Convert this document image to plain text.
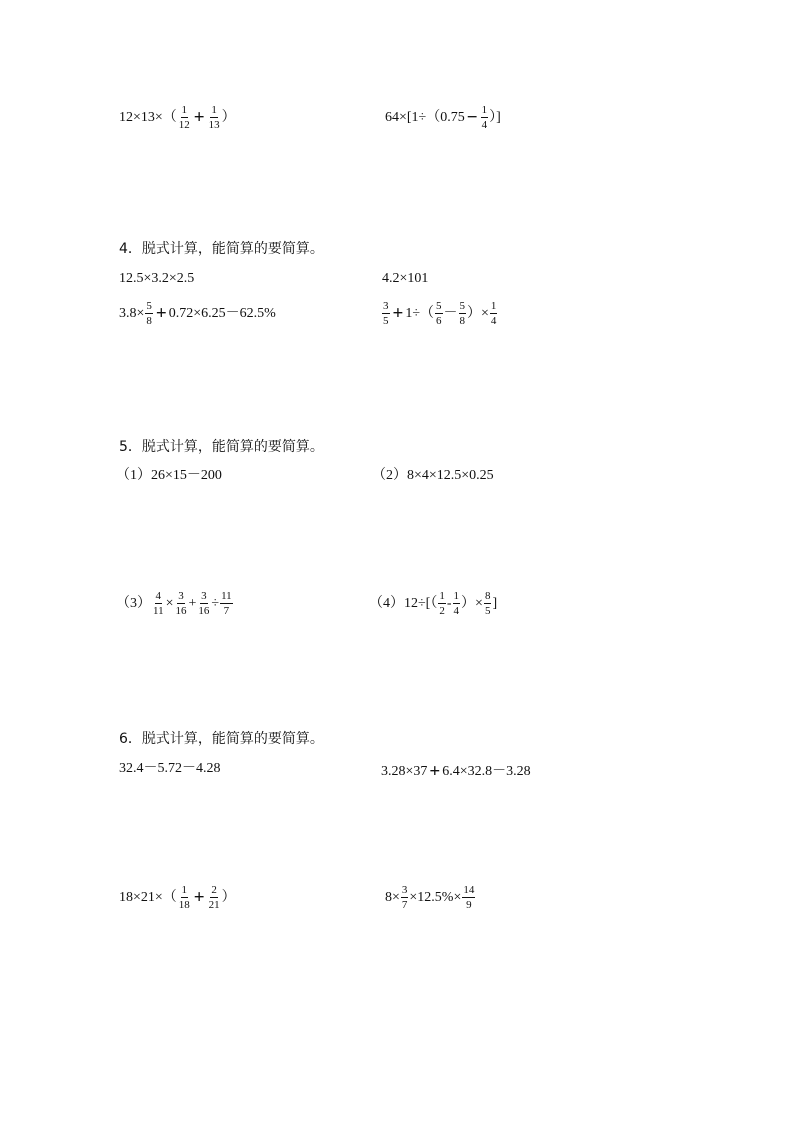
$12\times 13\times( \frac{1}{12} + \frac{1}{13}$ ）	$64\times[1\div(0.75 - \frac{1}{4}$ ）]
4．脱式计算，能简算的要简算。
12.5×3.2×2.5	4.2×101
$3.8\times \frac{5}{8} + 0.72\times 6.25-62.5\%$	$\frac{3}{5} + 1\div( \frac{5}{6} - \frac{5}{8}$ ）× $\frac{1}{4}$
5．脱式计算，能简算的要简算。
（1）26×15－200	（2）8×4×12.5×0.25
$(3) \frac{4}{11} \times \frac{3}{16} + \frac{3}{16} \div \frac{11}{7}$	$(4)12\div[( \frac{1}{2} - \frac{1}{4}$ ）× $\frac{8}{5}$ ]
6．脱式计算，能简算的要简算。
32.4－5.72－4.28	3.28×37 + 6.4×32.8－3.28
$18\times 21\times( \frac{1}{18} + \frac{2}{21}$ ）	$8\times \frac{3}{7} \times 12.5\%\times \frac{14}{9}$
